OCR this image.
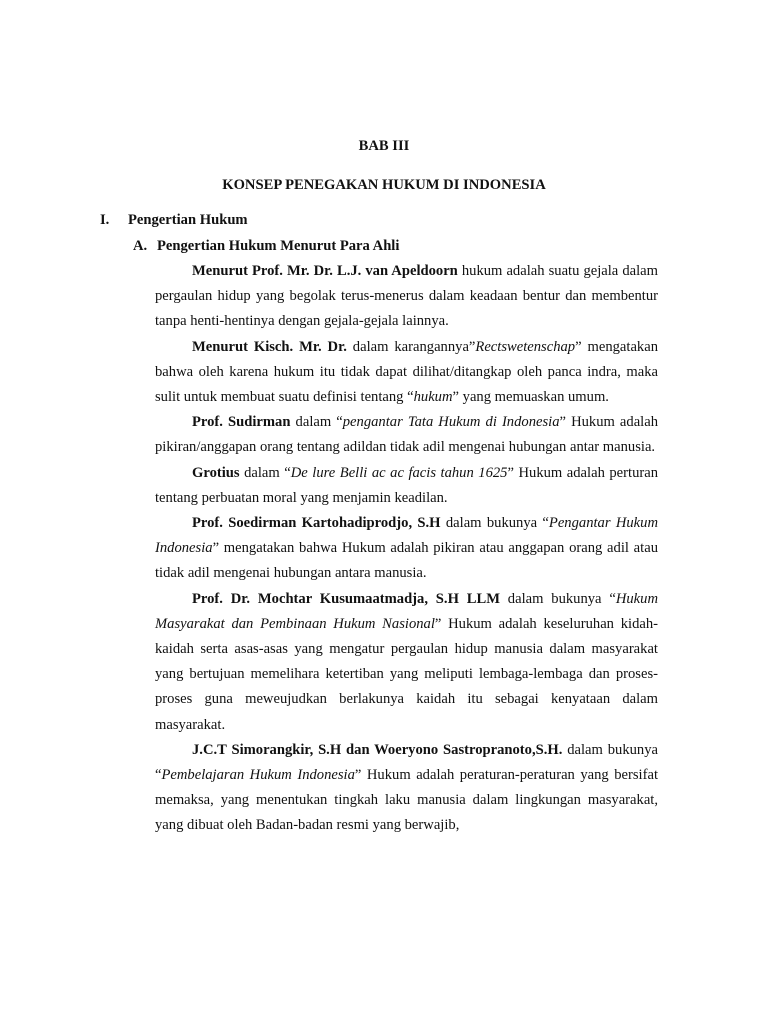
BAB III
KONSEP PENEGAKAN HUKUM DI INDONESIA
I. Pengertian Hukum
A. Pengertian Hukum Menurut Para Ahli

Menurut Prof. Mr. Dr. L.J. van Apeldoorn hukum adalah suatu gejala dalam pergaulan hidup yang begolak terus-menerus dalam keadaan bentur dan membentur tanpa henti-hentinya dengan gejala-gejala lainnya.

Menurut Kisch. Mr. Dr. dalam karangannya”Rectswetenschap” mengatakan bahwa oleh karena hukum itu tidak dapat dilihat/ditangkap oleh panca indra, maka sulit untuk membuat suatu definisi tentang “hukum” yang memuaskan umum.

Prof. Sudirman dalam “pengantar Tata Hukum di Indonesia” Hukum adalah pikiran/anggapan orang tentang adildan tidak adil mengenai hubungan antar manusia.

Grotius dalam “De lure Belli ac ac facis tahun 1625” Hukum adalah perturan tentang perbuatan moral yang menjamin keadilan.

Prof. Soedirman Kartohadiprodjo, S.H dalam bukunya “Pengantar Hukum Indonesia” mengatakan bahwa Hukum adalah pikiran atau anggapan orang adil atau tidak adil mengenai hubungan antara manusia.

Prof. Dr. Mochtar Kusumaatmadja, S.H LLM dalam bukunya “Hukum Masyarakat dan Pembinaan Hukum Nasional” Hukum adalah keseluruhan kidah-kaidah serta asas-asas yang mengatur pergaulan hidup manusia dalam masyarakat yang bertujuan memelihara ketertiban yang meliputi lembaga-lembaga dan proses-proses guna meweujudkan berlakunya kaidah itu sebagai kenyataan dalam masyarakat.

J.C.T Simorangkir, S.H dan Woeryono Sastropranoto,S.H. dalam bukunya “Pembelajaran Hukum Indonesia” Hukum adalah peraturan-peraturan yang bersifat memaksa, yang menentukan tingkah laku manusia dalam lingkungan masyarakat, yang dibuat oleh Badan-badan resmi yang berwajib,
